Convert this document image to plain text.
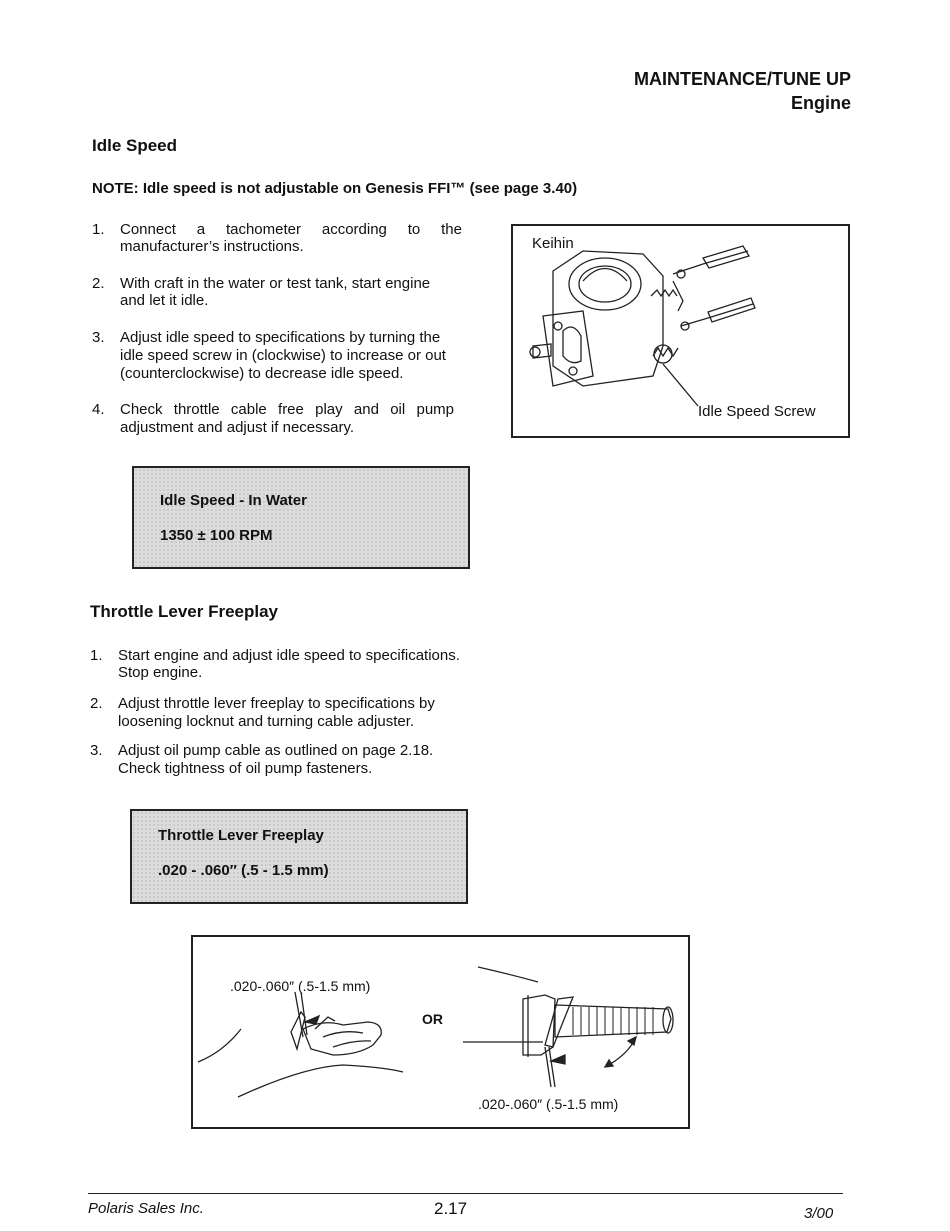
MAINTENANCE/TUNE UP
Engine
Idle Speed
NOTE: Idle speed is not adjustable on Genesis FFI™ (see page 3.40)
1. Connect a tachometer according to the
manufacturer’s instructions.
2. With craft in the water or test tank, start engine
and let it idle.
3. Adjust idle speed to specifications by turning the
idle speed screw in (clockwise) to increase or out
(counterclockwise) to decrease idle speed.
4. Check throttle cable free play and oil pump
adjustment and adjust if necessary.
Idle Speed - In Water
1350 ± 100 RPM
Keihin
Idle Speed Screw
Throttle Lever Freeplay
1. Start engine and adjust idle speed to specifications.
Stop engine.
2. Adjust throttle lever freeplay to specifications by
loosening locknut and turning cable adjuster.
3. Adjust oil pump cable as outlined on page 2.18.
Check tightness of oil pump fasteners.
Throttle Lever Freeplay
.020 - .060″ (.5 - 1.5 mm)
.020-.060″ (.5-1.5 mm)
OR
.020-.060″ (.5-1.5 mm)
Polaris Sales Inc.	2.17	3/00
